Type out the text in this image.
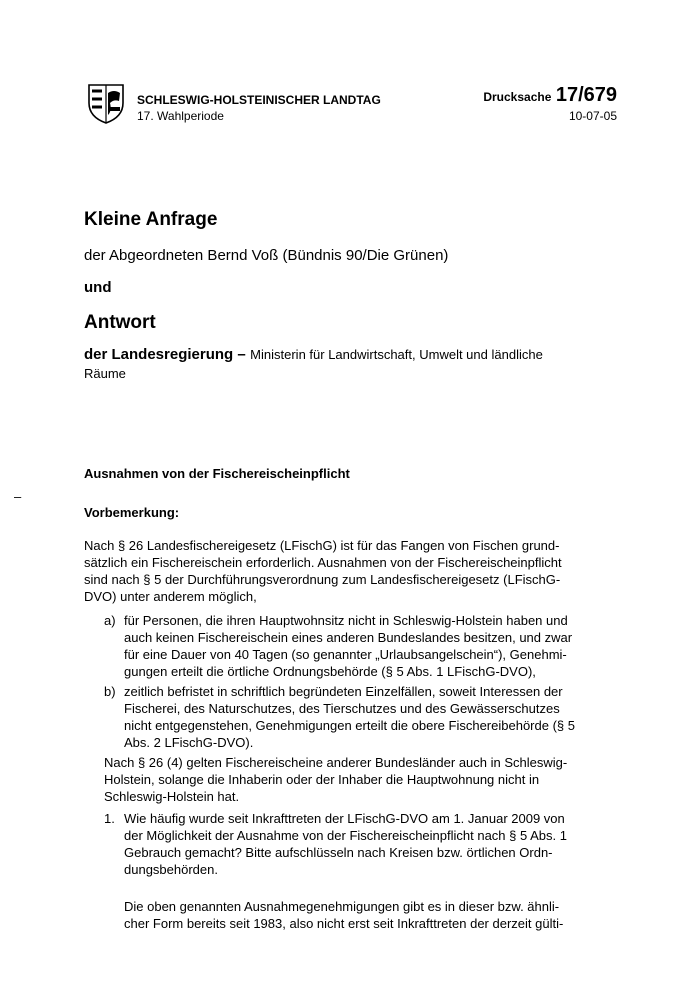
SCHLESWIG-HOLSTEINISCHER LANDTAG
17. Wahlperiode
Drucksache 17/679
10-07-05
Kleine Anfrage
der Abgeordneten Bernd Voß (Bündnis 90/Die Grünen)
und
Antwort
der Landesregierung – Ministerin für Landwirtschaft, Umwelt und ländliche
Räume
Ausnahmen von der Fischereischeinpflicht
–
Vorbemerkung:

Nach § 26 Landesfischereigesetz (LFischG) ist für das Fangen von Fischen grund-

sätzlich ein Fischereischein erforderlich. Ausnahmen von der Fischereischeinpflicht

sind nach § 5 der Durchführungsverordnung zum Landesfischereigesetz (LFischG-

DVO) unter anderem möglich,

a) für Personen, die ihren Hauptwohnsitz nicht in Schleswig-Holstein haben und

auch keinen Fischereischein eines anderen Bundeslandes besitzen, und zwar

für eine Dauer von 40 Tagen (so genannter „Urlaubsangelschein“), Genehmi-

gungen erteilt die örtliche Ordnungsbehörde (§ 5 Abs. 1 LFischG-DVO),

b) zeitlich befristet in schriftlich begründeten Einzelfällen, soweit Interessen der

Fischerei, des Naturschutzes, des Tierschutzes und des Gewässerschutzes

nicht entgegenstehen, Genehmigungen erteilt die obere Fischereibehörde (§ 5

Abs. 2 LFischG-DVO).

Nach § 26 (4) gelten Fischereischeine anderer Bundesländer auch in Schleswig-

Holstein, solange die Inhaberin oder der Inhaber die Hauptwohnung nicht in

Schleswig-Holstein hat.

1. Wie häufig wurde seit Inkrafttreten der LFischG-DVO am 1. Januar 2009 von

der Möglichkeit der Ausnahme von der Fischereischeinpflicht nach § 5 Abs. 1

Gebrauch gemacht? Bitte aufschlüsseln nach Kreisen bzw. örtlichen Ordn-

dungsbehörden.

Die oben genannten Ausnahmegenehmigungen gibt es in dieser bzw. ähnli-

cher Form bereits seit 1983, also nicht erst seit Inkrafttreten der derzeit gülti-
